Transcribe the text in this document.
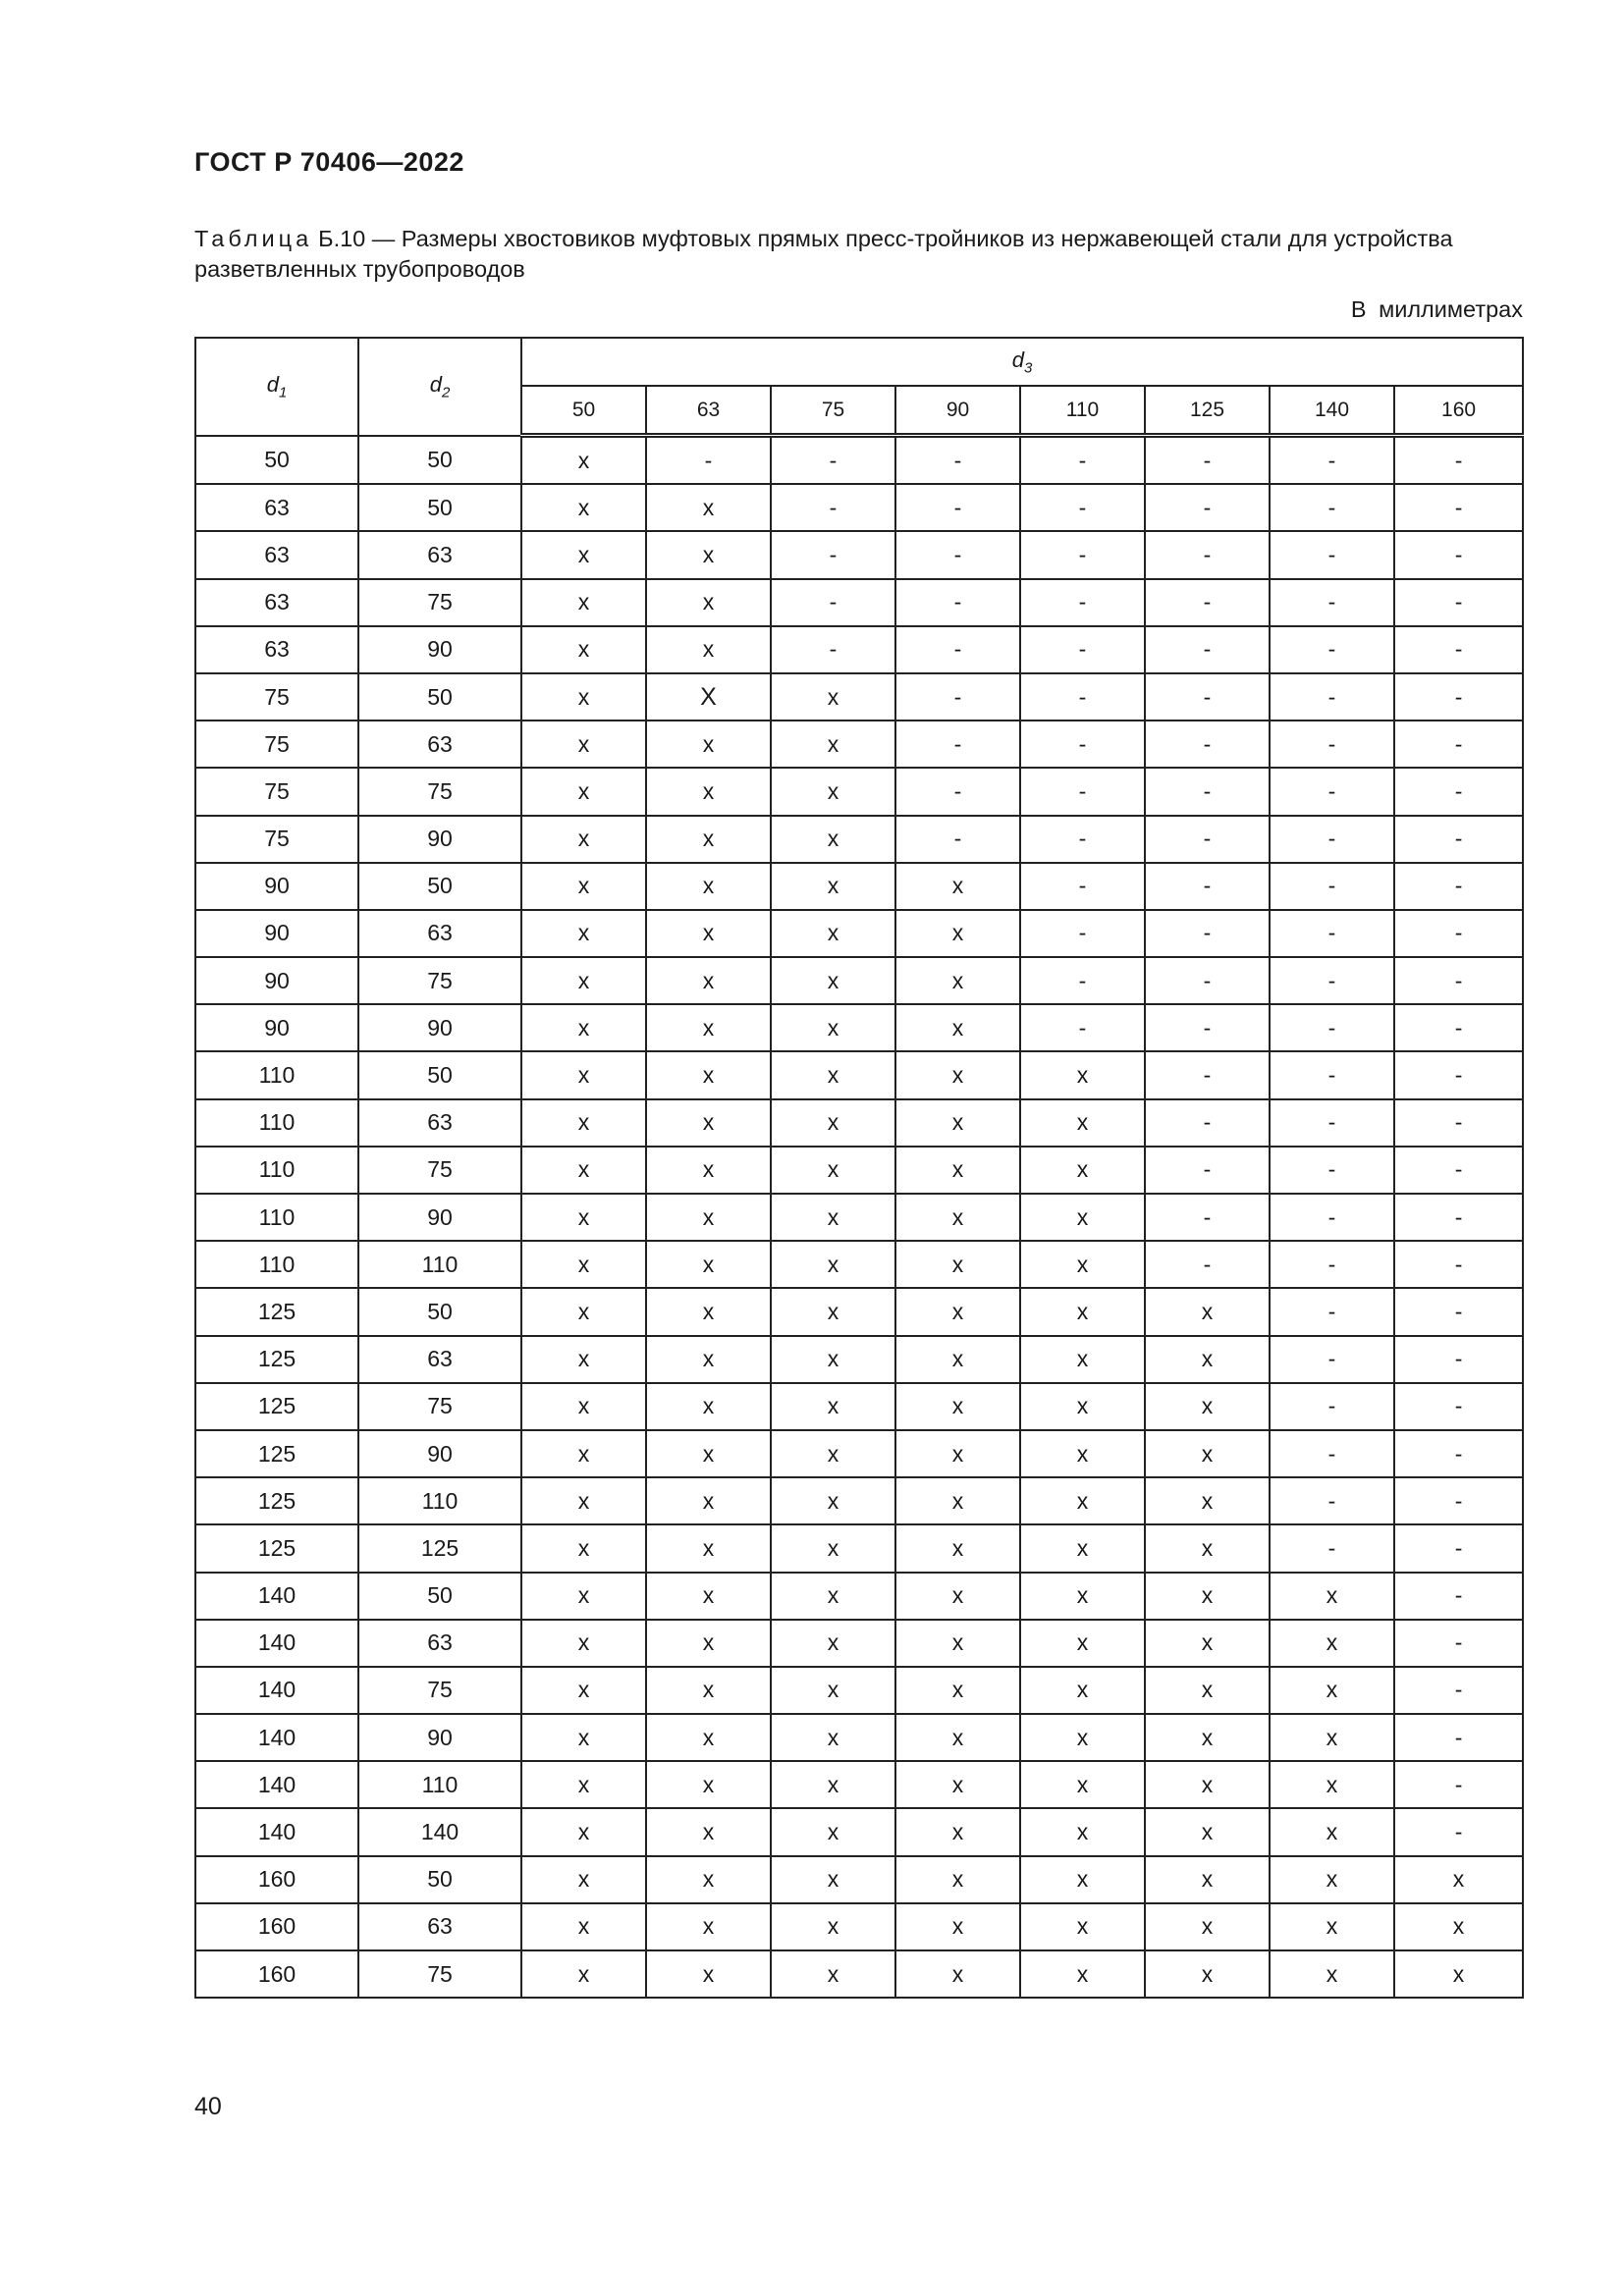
ГОСТ Р 70406—2022
Таблица Б.10 — Размеры хвостовиков муфтовых прямых пресс-тройников из нержавеющей стали для устройства разветвленных трубопроводов
В миллиметрах
$d_1$	$d_2$	$d_3$
		50	63	75	90	110	125	140	160
50	50	x	-	-	-	-	-	-	-
63	50	x	x	-	-	-	-	-	-
63	63	x	x	-	-	-	-	-	-
63	75	x	x	-	-	-	-	-	-
63	90	x	x	-	-	-	-	-	-
75	50	x	X	x	-	-	-	-	-
75	63	x	x	x	-	-	-	-	-
75	75	x	x	x	-	-	-	-	-
75	90	x	x	x	-	-	-	-	-
90	50	x	x	x	x	-	-	-	-
90	63	x	x	x	x	-	-	-	-
90	75	x	x	x	x	-	-	-	-
90	90	x	x	x	x	-	-	-	-
110	50	x	x	x	x	x	-	-	-
110	63	x	x	x	x	x	-	-	-
110	75	x	x	x	x	x	-	-	-
110	90	x	x	x	x	x	-	-	-
110	110	x	x	x	x	x	-	-	-
125	50	x	x	x	x	x	x	-	-
125	63	x	x	x	x	x	x	-	-
125	75	x	x	x	x	x	x	-	-
125	90	x	x	x	x	x	x	-	-
125	110	x	x	x	x	x	x	-	-
125	125	x	x	x	x	x	x	-	-
140	50	x	x	x	x	x	x	x	-
140	63	x	x	x	x	x	x	x	-
140	75	x	x	x	x	x	x	x	-
140	90	x	x	x	x	x	x	x	-
140	110	x	x	x	x	x	x	x	-
140	140	x	x	x	x	x	x	x	-
160	50	x	x	x	x	x	x	x	x
160	63	x	x	x	x	x	x	x	x
160	75	x	x	x	x	x	x	x	x
40
